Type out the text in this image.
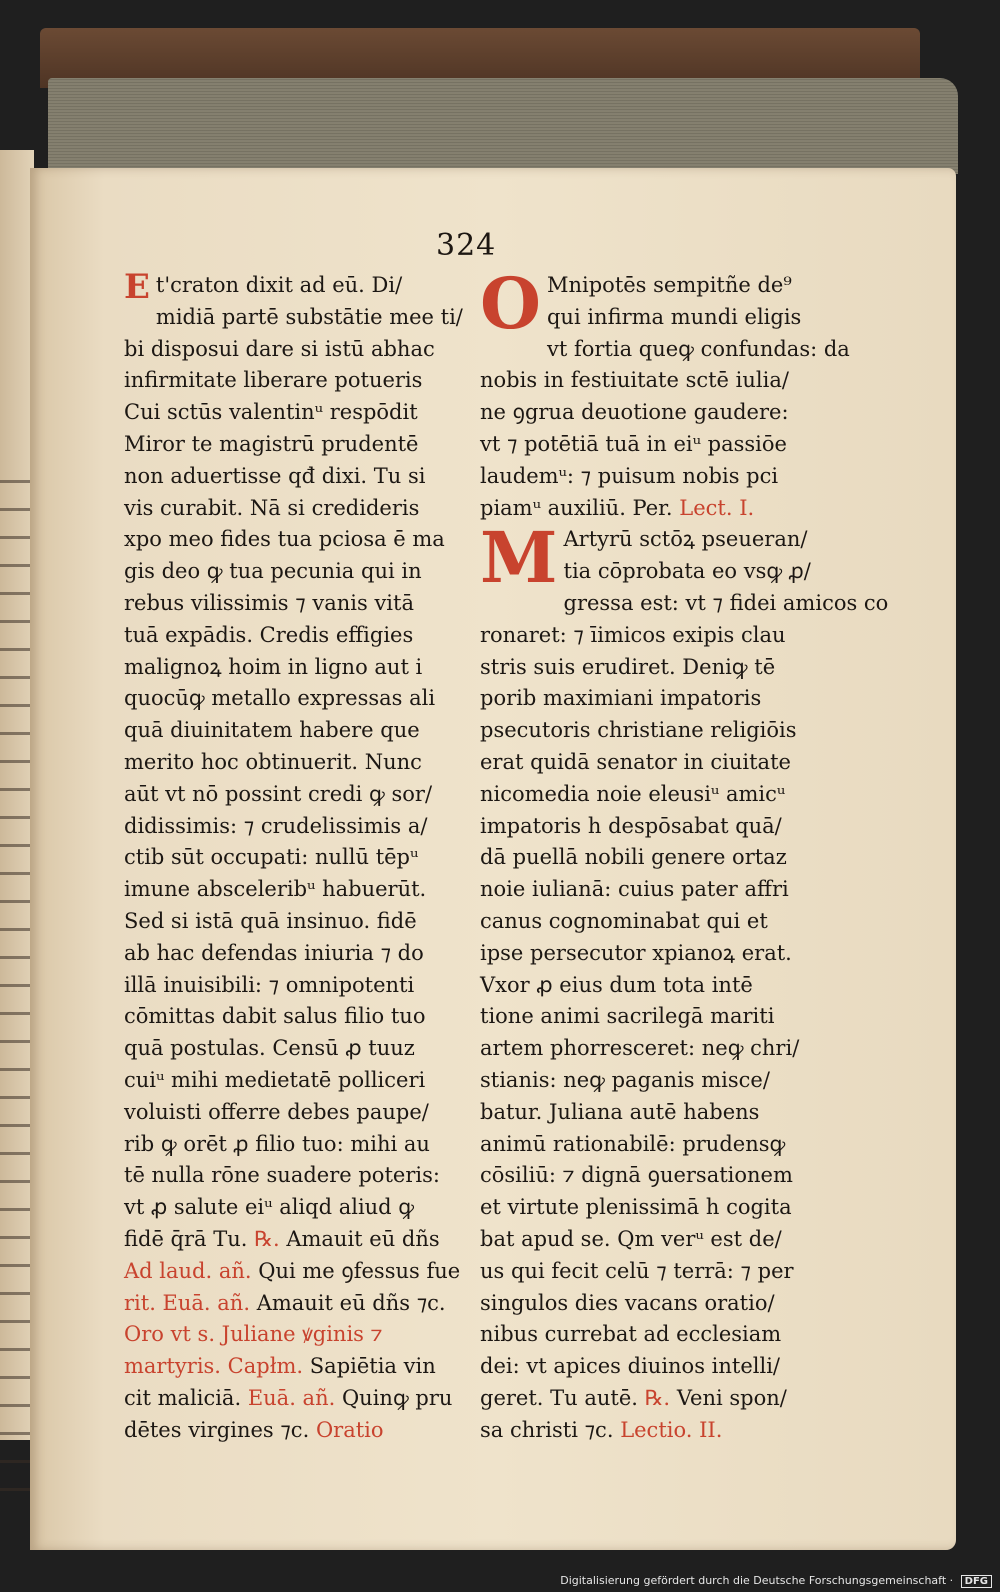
324
E t'craton dixit ad eū. Di/
midiā partē substātie mee ti/
bi disposui dare si istū abhac
infirmitate liberare potueris
Cui sctūs valentinᵘ respōdit
Miror te magistrū prudentē
non aduertisse qđ dixi. Tu si
vis curabit. Nā si credideris
xpo meo fides tua pciosa ē ma
gis deo ꝙ tua pecunia qui in
rebus vilissimis ⁊ vanis vitā
tuā expādis. Credis effigies
malignoꝝ hoim in ligno aut i
quocūꝙ metallo expressas ali
quā diuinitatem habere que
merito hoc obtinuerit. Nunc
aūt vt nō possint credi ꝙ sor/
didissimis: ⁊ crudelissimis a/
ctib sūt occupati: nullū tēpᵘ
imune absceleribᵘ habuerūt.
Sed si istā quā insinuo. fidē
ab hac defendas iniuria ⁊ do
illā inuisibili: ⁊ omnipotenti
cōmittas dabit salus filio tuo
quā postulas. Censū ꝓ tuuz
cuiᵘ mihi medietatē polliceri
voluisti offerre debes paupe/
rib ꝙ orēt ꝓ filio tuo: mihi au
tē nulla rōne suadere poteris:
vt ꝓ salute eiᵘ aliqd aliud ꝙ
fidē q̄rā Tu. ℞. Amauit eū dñs
Ad laud. añ. Qui me ꝯfessus fue
rit. Euā. añ. Amauit eū dñs ⁊c.
Oro vt s. Juliane ꝟginis ⁊
martyris. Capłm. Sapiētia vin
cit maliciā. Euā. añ. Quinꝙ pru
dētes virgines ⁊c. Oratio
O Mnipotēs sempitñe de⁹
qui infirma mundi eligis
vt fortia queꝙ confundas: da
nobis in festiuitate sctē iulia/
ne ꝯgrua deuotione gaudere:
vt ⁊ potētiā tuā in eiᵘ passiōe
laudemᵘ: ⁊ puisum nobis pci
piamᵘ auxiliū. Per. Lect. I.
M Artyrū sctōꝝ pseueran/
tia cōprobata eo vsꝙ ꝓ/
gressa est: vt ⁊ fidei amicos co
ronaret: ⁊ īimicos exipis clau
stris suis erudiret. Deniꝙ tē
porib maximiani impatoris
psecutoris christiane religiōis
erat quidā senator in ciuitate
nicomedia noie eleusiᵘ amicᵘ
impatoris h despōsabat quā/
dā puellā nobili genere ortaz
noie iulianā: cuius pater affri
canus cognominabat qui et
ipse persecutor xpianoꝝ erat.
Vxor ꝓ eius dum tota intē
tione animi sacrilegā mariti
artem phorresceret: neꝙ chri/
stianis: neꝙ paganis misce/
batur. Juliana autē habens
animū rationabilē: prudensꝙ
cōsiliū: ⁊ dignā ꝯuersationem
et virtute plenissimā h cogita
bat apud se. Qm verᵘ est de/
us qui fecit celū ⁊ terrā: ⁊ per
singulos dies vacans oratio/
nibus currebat ad ecclesiam
dei: vt apices diuinos intelli/
geret. Tu autē. ℞. Veni spon/
sa christi ⁊c. Lectio. II.
Digitalisierung gefördert durch die Deutsche Forschungsgemeinschaft · DFG
